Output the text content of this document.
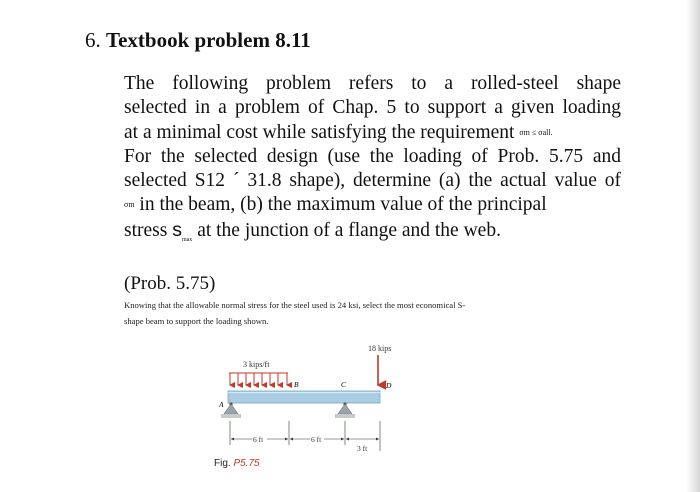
6. Textbook problem 8.11
The following problem refers to a rolled-steel shape
selected in a problem of Chap. 5 to support a given loading
at a minimal cost while satisfying the requirement σm ≤ σall.
For the selected design (use the loading of Prob. 5.75 and
selected S12 ´ 31.8 shape), determine (a) the actual value of
σm in the beam, (b) the maximum value of the principal
stress $s_{max}$ at the junction of a flange and the web.
(Prob. 5.75)
Knowing that the allowable normal stress for the steel used is 24 ksi, select the most economical S-
shape beam to support the loading shown.
3 kips/ft
18 kips
A
B	C	D
6 ft	6 ft
3 ft
Fig. P5.75
